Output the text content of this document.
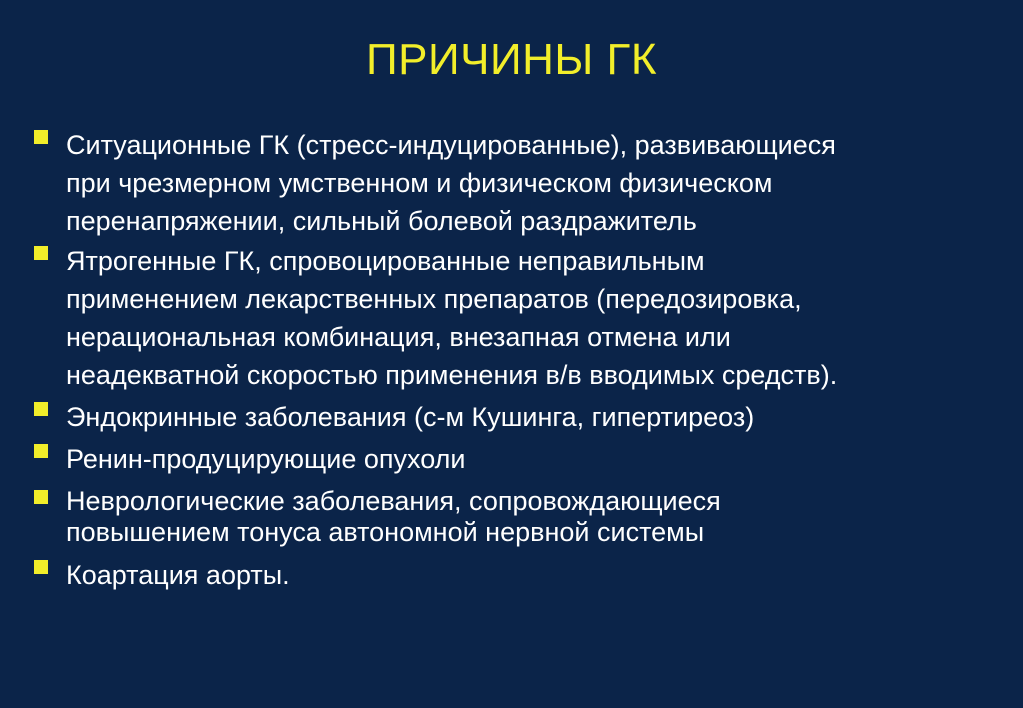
ПРИЧИНЫ ГК
Ситуационные ГК (стресс-индуцированные), развивающиеся
при чрезмерном умственном и физическом физическом
перенапряжении, сильный болевой раздражитель
Ятрогенные ГК, спровоцированные неправильным
применением лекарственных препаратов (передозировка,
нерациональная комбинация, внезапная отмена или
неадекватной скоростью применения в/в вводимых средств).
Эндокринные заболевания (с-м Кушинга, гипертиреоз)
Ренин-продуцирующие опухоли
Неврологические заболевания, сопровождающиеся
повышением тонуса автономной нервной системы
Коартация аорты.
